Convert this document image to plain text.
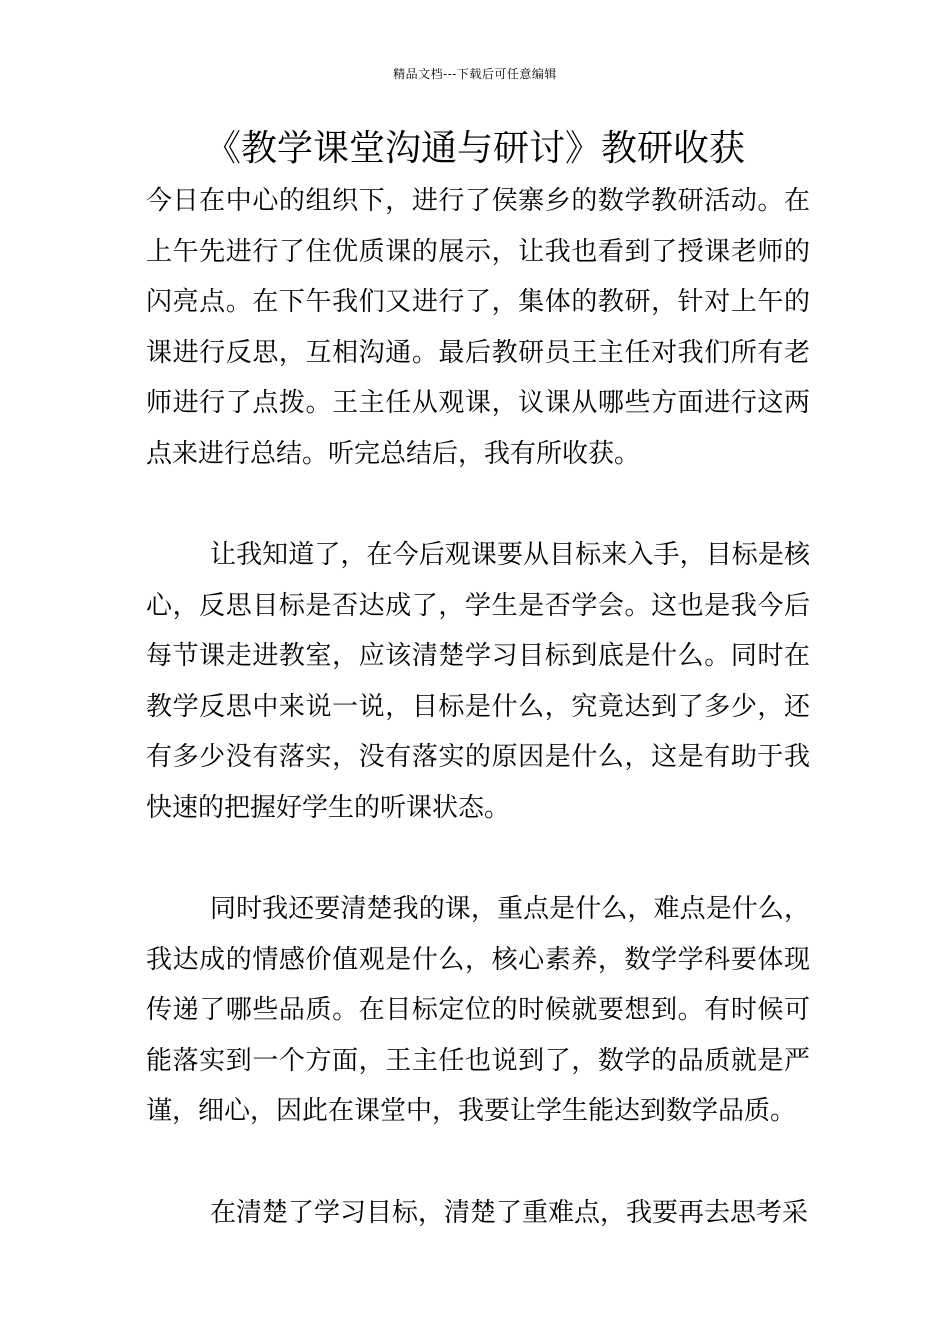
精品文档---下载后可任意编辑
《教学课堂沟通与研讨》教研收获

今日在中心的组织下，进行了侯寨乡的数学教研活动。在上午先进行了住优质课的展示，让我也看到了授课老师的闪亮点。在下午我们又进行了，集体的教研，针对上午的课进行反思，互相沟通。最后教研员王主任对我们所有老师进行了点拨。王主任从观课，议课从哪些方面进行这两点来进行总结。听完总结后，我有所收获。

让我知道了，在今后观课要从目标来入手，目标是核心，反思目标是否达成了，学生是否学会。这也是我今后每节课走进教室，应该清楚学习目标到底是什么。同时在教学反思中来说一说，目标是什么，究竟达到了多少，还有多少没有落实，没有落实的原因是什么，这是有助于我快速的把握好学生的听课状态。

同时我还要清楚我的课，重点是什么，难点是什么，我达成的情感价值观是什么，核心素养，数学学科要体现传递了哪些品质。在目标定位的时候就要想到。有时候可能落实到一个方面，王主任也说到了，数学的品质就是严谨，细心，因此在课堂中，我要让学生能达到数学品质。

在清楚了学习目标，清楚了重难点，我要再去思考采
